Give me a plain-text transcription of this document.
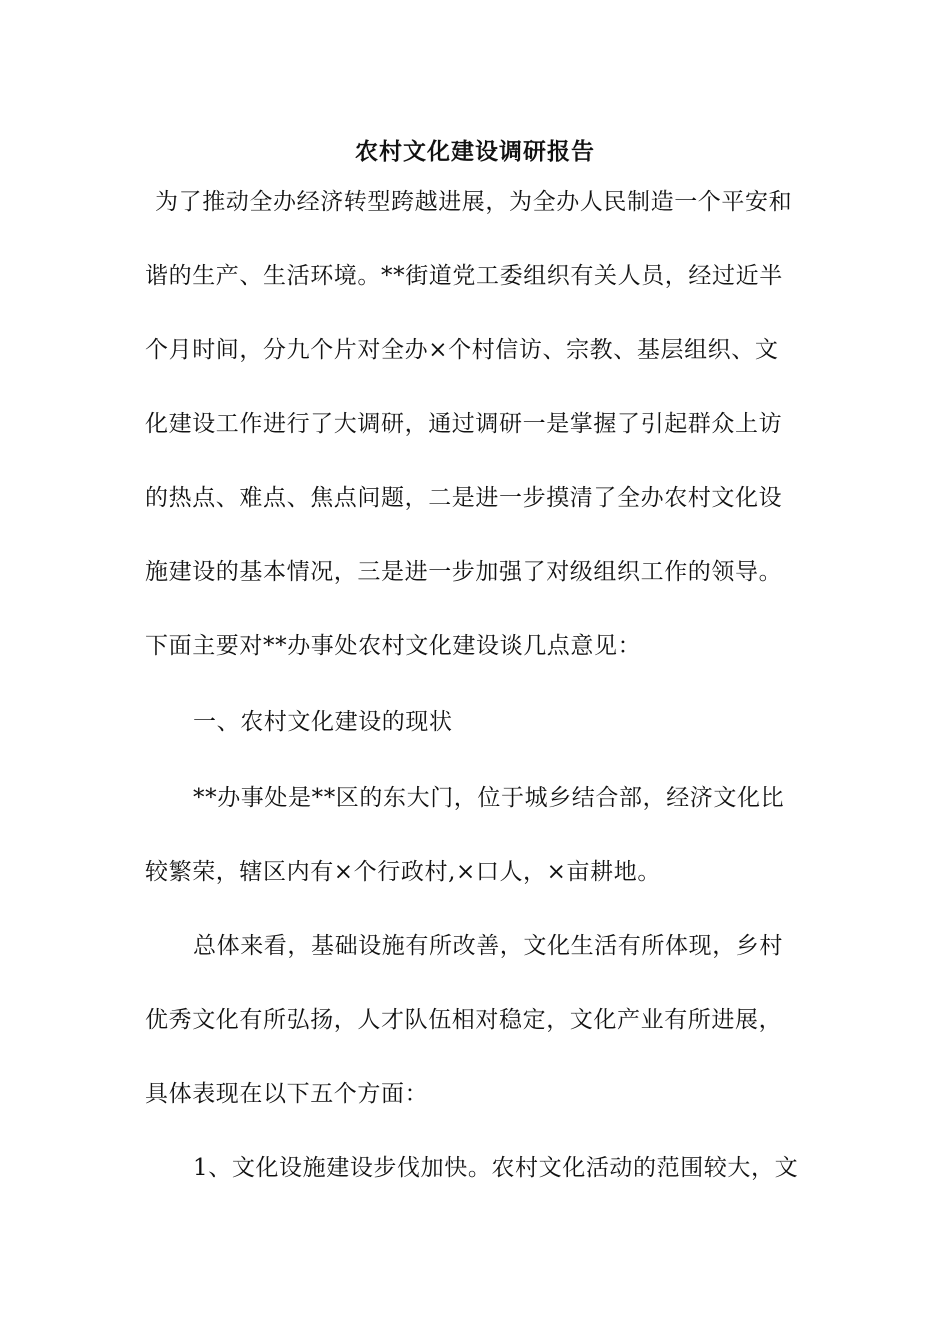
农村文化建设调研报告
为了推动全办经济转型跨越进展，为全办人民制造一个平安和
谐的生产、生活环境。**街道党工委组织有关人员，经过近半
个月时间，分九个片对全办×个村信访、宗教、基层组织、文
化建设工作进行了大调研，通过调研一是掌握了引起群众上访
的热点、难点、焦点问题，二是进一步摸清了全办农村文化设
施建设的基本情况，三是进一步加强了对级组织工作的领导。
下面主要对**办事处农村文化建设谈几点意见：
一、农村文化建设的现状
**办事处是**区的东大门，位于城乡结合部，经济文化比
较繁荣，辖区内有×个行政村,×口人，×亩耕地。
总体来看，基础设施有所改善，文化生活有所体现，乡村
优秀文化有所弘扬，人才队伍相对稳定，文化产业有所进展，
具体表现在以下五个方面：
1、文化设施建设步伐加快。农村文化活动的范围较大，文
